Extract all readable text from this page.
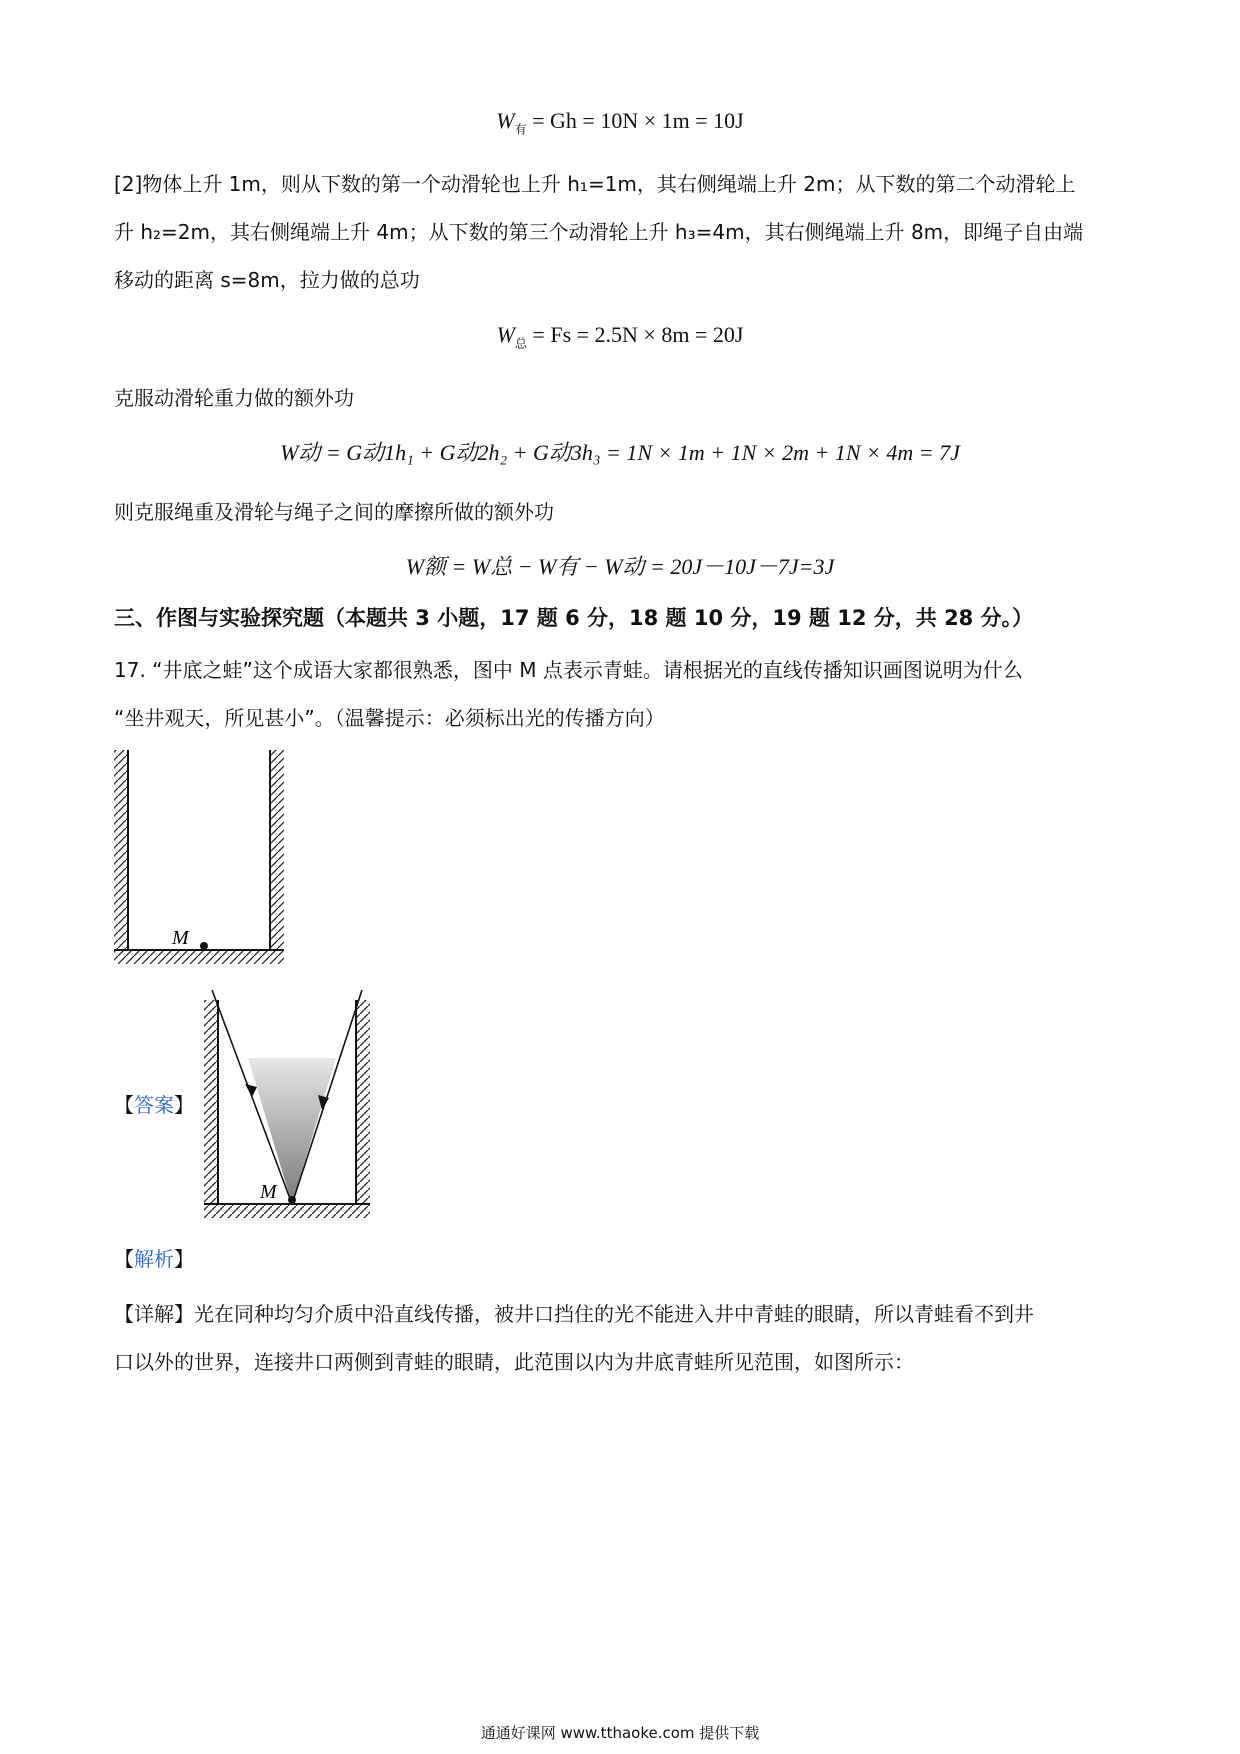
$W_有 = Gh = 10N \times 1m = 10J$
[2]物体上升 1m，则从下数的第一个动滑轮也上升 h₁=1m，其右侧绳端上升 2m；从下数的第二个动滑轮上
升 h₂=2m，其右侧绳端上升 4m；从下数的第三个动滑轮上升 h₃=4m，其右侧绳端上升 8m，即绳子自由端
移动的距离 s=8m，拉力做的总功
$W_总 = Fs = 2.5N \times 8m = 20J$
克服动滑轮重力做的额外功
W动 = G动1h₁ + G动2h₂ + G动3h₃ = 1N × 1m + 1N × 2m + 1N × 4m = 7J
则克服绳重及滑轮与绳子之间的摩擦所做的额外功
W额 = W总 − W有 − W动 = 20J－10J－7J=3J
三、作图与实验探究题（本题共 3 小题，17 题 6 分，18 题 10 分，19 题 12 分，共 28 分。）
17. “井底之蛙”这个成语大家都很熟悉，图中 M 点表示青蛙。请根据光的直线传播知识画图说明为什么
“坐井观天，所见甚小”。（温馨提示：必须标出光的传播方向）
M
【答案】
M
【解析】
【详解】光在同种均匀介质中沿直线传播，被井口挡住的光不能进入井中青蛙的眼睛，所以青蛙看不到井
口以外的世界，连接井口两侧到青蛙的眼睛，此范围以内为井底青蛙所见范围，如图所示：
通通好课网 www.tthaoke.com 提供下载
